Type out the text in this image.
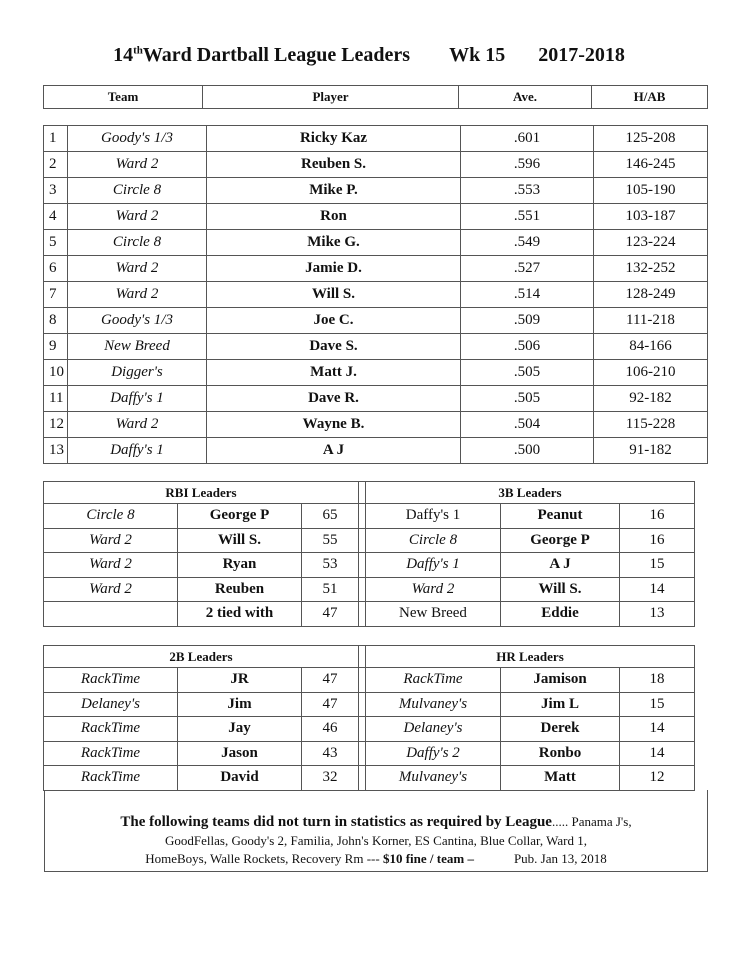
14thWard Dartball League Leaders Wk 15 2017-2018
Team	Player	Ave.	H/AB
1	Goody's 1/3	Ricky Kaz	.601	125-208
2	Ward 2	Reuben S.	.596	146-245
3	Circle 8	Mike P.	.553	105-190
4	Ward 2	Ron	.551	103-187
5	Circle 8	Mike G.	.549	123-224
6	Ward 2	Jamie D.	.527	132-252
7	Ward 2	Will S.	.514	128-249
8	Goody's 1/3	Joe C.	.509	111-218
9	New Breed	Dave S.	.506	84-166
10	Digger's	Matt J.	.505	106-210
11	Daffy's 1	Dave R.	.505	92-182
12	Ward 2	Wayne B.	.504	115-228
13	Daffy's 1	A J	.500	91-182
RBI Leaders				3B Leaders		
Circle 8	George P	65		Daffy's 1	Peanut	16
Ward 2	Will S.	55		Circle 8	George P	16
Ward 2	Ryan	53		Daffy's 1	A J	15
Ward 2	Reuben	51		Ward 2	Will S.	14
	2 tied with	47		New Breed	Eddie	13
2B Leaders				HR Leaders		
RackTime	JR	47		RackTime	Jamison	18
Delaney's	Jim	47		Mulvaney's	Jim L	15
RackTime	Jay	46		Delaney's	Derek	14
RackTime	Jason	43		Daffy's 2	Ronbo	14
RackTime	David	32		Mulvaney's	Matt	12
The following teams did not turn in statistics as required by League..... Panama J's,
GoodFellas, Goody's 2, Familia, John's Korner, ES Cantina, Blue Collar, Ward 1,
HomeBoys, Walle Rockets, Recovery Rm --- $10 fine / team –	Pub. Jan 13, 2018
